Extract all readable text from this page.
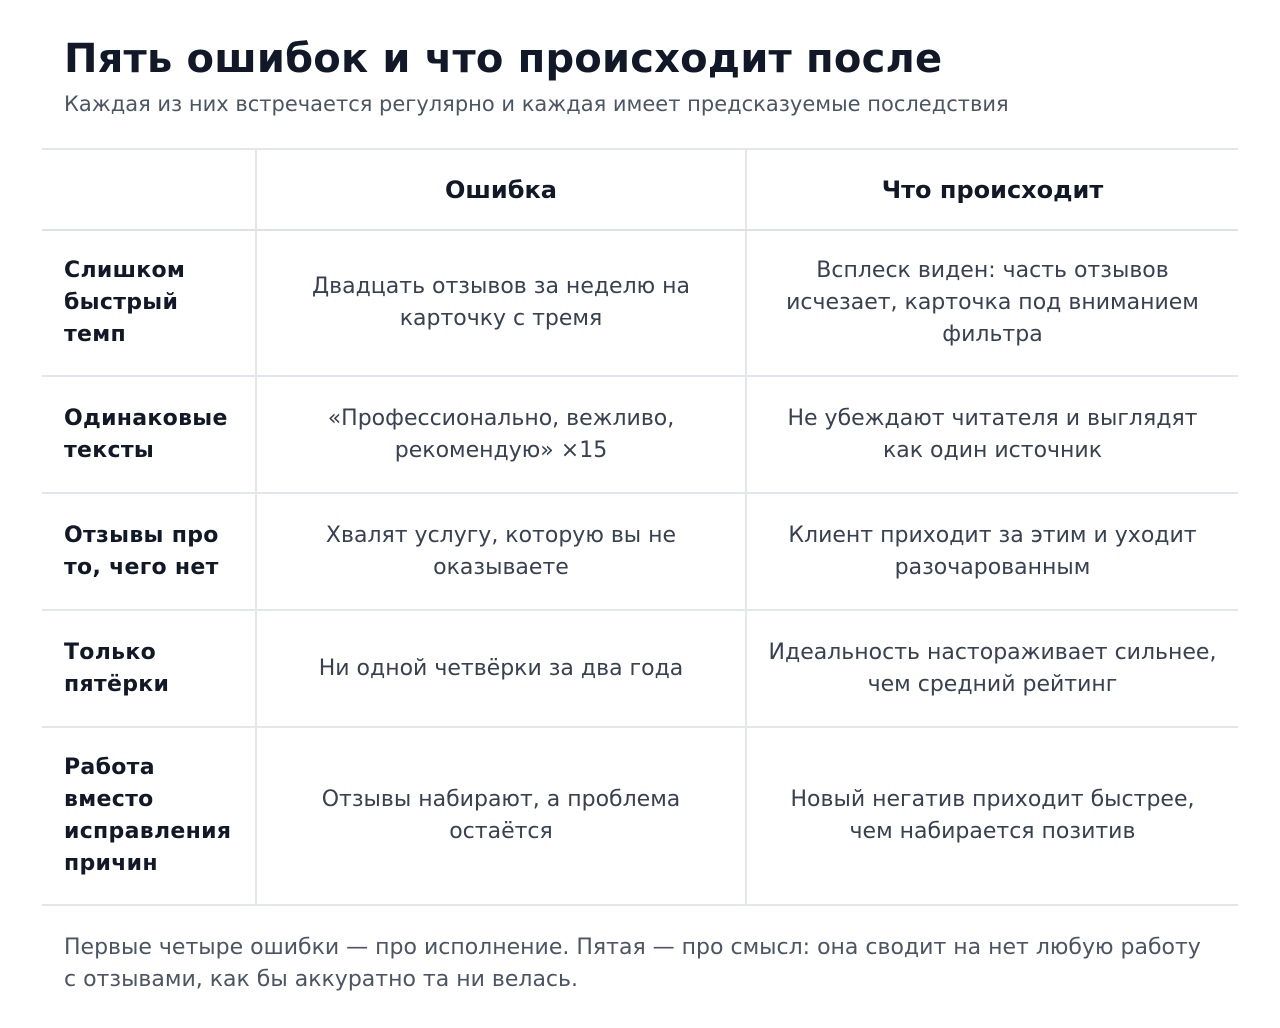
Пять ошибок и что происходит после
Каждая из них встречается регулярно и каждая имеет предсказуемые последствия
	Ошибка	Что происходит

Слишком быстрый темп	Двадцать отзывов за неделю на карточку с тремя	Всплеск виден: часть отзывов исчезает, карточка под вниманием фильтра

Одинаковые тексты	«Профессионально, вежливо, рекомендую» ×15	Не убеждают читателя и выглядят как один источник

Отзывы про то, чего нет	Хвалят услугу, которую вы не оказываете	Клиент приходит за этим и уходит разочарованным

Только пятёрки	Ни одной четвёрки за два года	Идеальность настораживает сильнее, чем средний рейтинг

Работа вместо исправления причин	Отзывы набирают, а проблема остаётся	Новый негатив приходит быстрее, чем набирается позитив
Первые четыре ошибки — про исполнение. Пятая — про смысл: она сводит на нет любую работу с отзывами, как бы аккуратно та ни велась.
